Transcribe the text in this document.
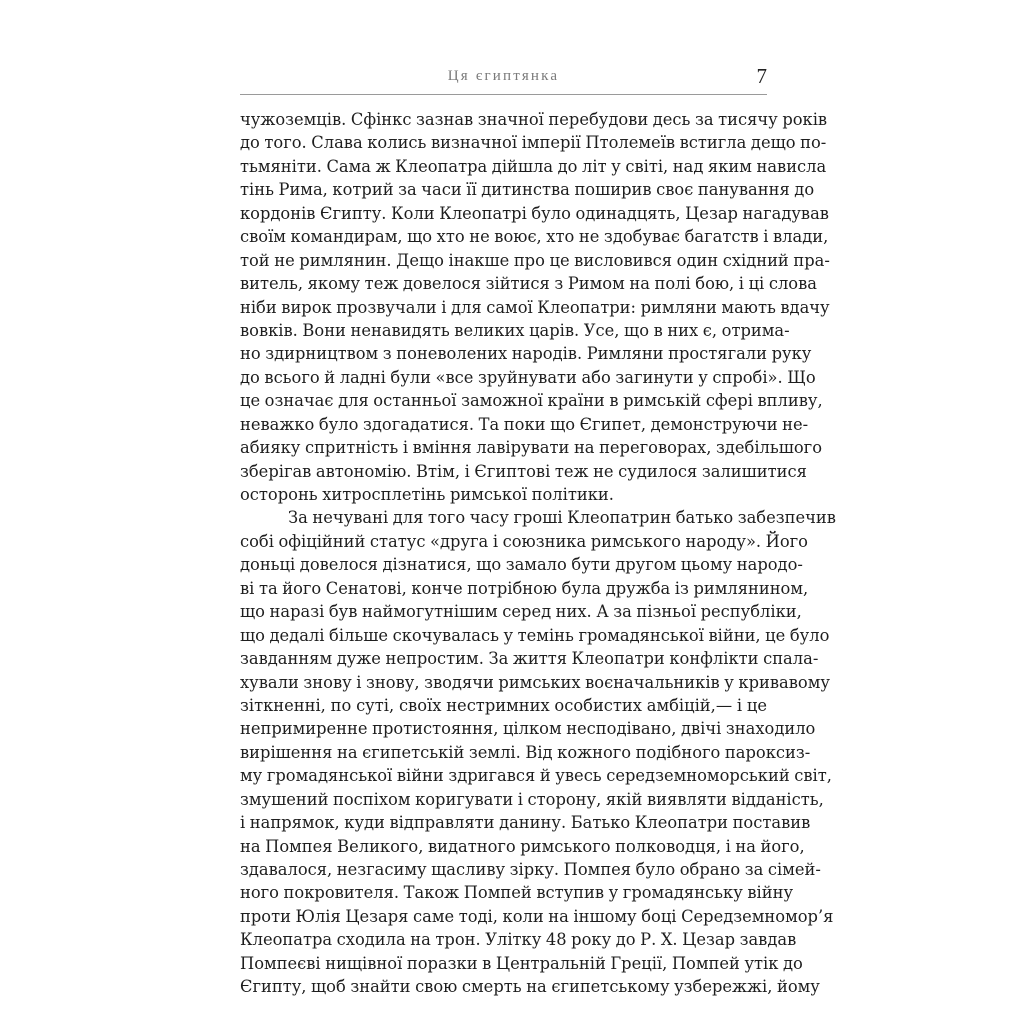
Ця єгиптянка	7
чужоземців. Сфінкс зазнав значної перебудови десь за тисячу років
до того. Слава колись визначної імперії Птолемеїв встигла дещо по-
тьмяніти. Сама ж Клеопатра дійшла до літ у світі, над яким нависла
тінь Рима, котрий за часи її дитинства поширив своє панування до
кордонів Єгипту. Коли Клеопатрі було одинадцять, Цезар нагадував
своїм командирам, що хто не воює, хто не здобуває багатств і влади,
той не римлянин. Дещо інакше про це висловився один східний пра-
витель, якому теж довелося зійтися з Римом на полі бою, і ці слова
ніби вирок прозвучали і для самої Клеопатри: римляни мають вдачу
вовків. Вони ненавидять великих царів. Усе, що в них є, отрима-
но здирництвом з поневолених народів. Римляни простягали руку
до всього й ладні були «все зруйнувати або загинути у спробі». Що
це означає для останньої заможної країни в римській сфері впливу,
неважко було здогадатися. Та поки що Єгипет, демонструючи не-
абияку спритність і вміння лавірувати на переговорах, здебільшого
зберігав автономію. Втім, і Єгиптові теж не судилося залишитися
осторонь хитросплетінь римської політики.
За нечувані для того часу гроші Клеопатрин батько забезпечив
собі офіційний статус «друга і союзника римського народу». Його
доньці довелося дізнатися, що замало бути другом цьому народо-
ві та його Сенатові, конче потрібною була дружба із римлянином,
що наразі був наймогутнішим серед них. А за пізньої республіки,
що дедалі більше скочувалась у темінь громадянської війни, це було
завданням дуже непростим. За життя Клеопатри конфлікти спала-
хували знову і знову, зводячи римських воєначальників у кривавому
зіткненні, по суті, своїх нестримних особистих амбіцій,— і це
непримиренне протистояння, цілком несподівано, двічі знаходило
вирішення на єгипетській землі. Від кожного подібного пароксиз-
му громадянської війни здригався й увесь середземноморський світ,
змушений поспіхом коригувати і сторону, якій виявляти відданість,
і напрямок, куди відправляти данину. Батько Клеопатри поставив
на Помпея Великого, видатного римського полководця, і на його,
здавалося, незгасиму щасливу зірку. Помпея було обрано за сімей-
ного покровителя. Також Помпей вступив у громадянську війну
проти Юлія Цезаря саме тоді, коли на іншому боці Середземномор’я
Клеопатра сходила на трон. Улітку 48 року до Р. Х. Цезар завдав
Помпеєві нищівної поразки в Центральній Греції, Помпей утік до
Єгипту, щоб знайти свою смерть на єгипетському узбережжі, йому
